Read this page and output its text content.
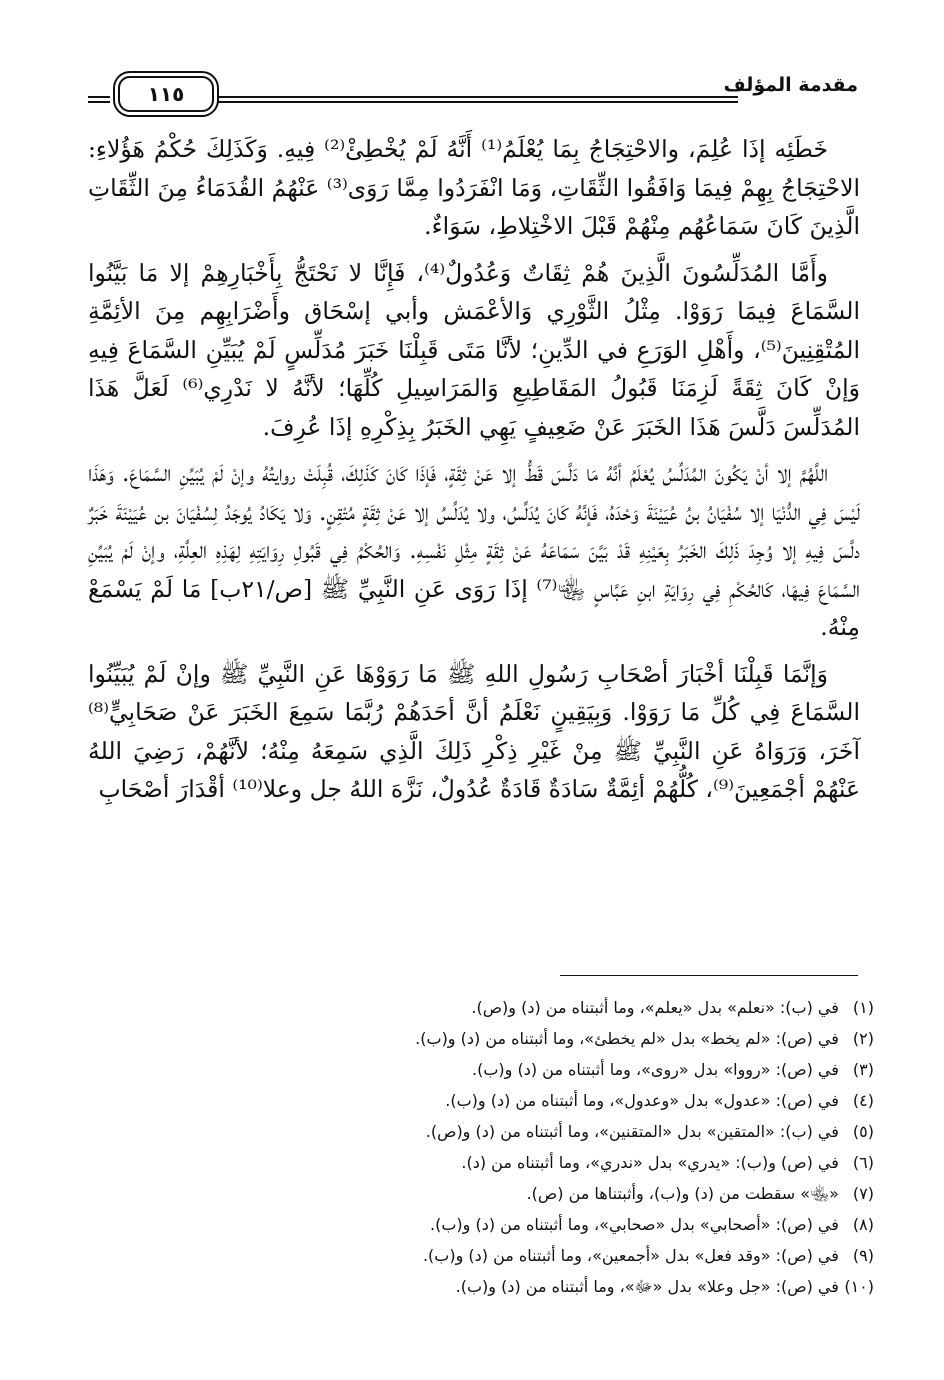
١١٥	مقدمة المؤلف

خَطَئِه إذَا عُلِمَ، والاحْتِجَاجُ بِمَا يُعْلَمُ⁽¹⁾ أَنَّهُ لَمْ يُخْطِئْ⁽²⁾ فِيهِ. وَكَذَلِكَ حُكْمُ هَؤُلاءِ: الاحْتِجَاجُ بِهِمْ فِيمَا وَافَقُوا الثِّقَاتِ، وَمَا انْفَرَدُوا مِمَّا رَوَى⁽³⁾ عَنْهُمُ القُدَمَاءُ مِنَ الثِّقَاتِ الَّذِينَ كَانَ سَمَاعُهُم مِنْهُمْ قَبْلَ الاخْتِلاطِ، سَوَاءٌ.

وأَمَّا المُدَلِّسُونَ الَّذِينَ هُمْ ثِقَاتٌ وَعُدُولٌ⁽⁴⁾، فَإِنَّا لا نَحْتَجُّ بِأَخْبَارِهِمْ إلا مَا بَيَّنُوا السَّمَاعَ فِيمَا رَوَوْا. مِثْلُ الثَّوْرِي وَالأعْمَش وأبي إسْحَاق وأَضْرَابِهِم مِنَ الأئِمَّةِ المُتْقِنِينَ⁽⁵⁾، وأَهْلِ الوَرَعِ في الدِّينِ؛ لأنَّا مَتَى قَبِلْنَا خَبَرَ مُدَلِّسٍ لَمْ يُبَيِّنِ السَّمَاعَ فِيهِ وَإنْ كَانَ ثِقَةً لَزِمَنَا قَبُولُ المَقَاطِيعِ وَالمَرَاسِيلِ كُلِّهَا؛ لأنَّهُ لا نَدْرِي⁽⁶⁾ لَعَلَّ هَذَا المُدَلِّسَ دَلَّسَ هَذَا الخَبَرَ عَنْ ضَعِيفٍ يَهِي الخَبَرُ بِذِكْرِهِ إذَا عُرِفَ.

اللَّهُمَّ إلا أنْ يَكُونَ المُدَلِّسُ يُعْلَمُ أنَّهُ مَا دَلَّسَ قَطُّ إلا عَنْ ثِقَةٍ، فَإذَا كَانَ كَذَلِكَ، قُبِلَتْ روايتُهُ وإنْ لَمْ يُبَيِّنِ السَّمَاعَ. وَهَذَا لَيْسَ فِي الدُّنْيَا إلا سُفْيَانُ بنُ عُيَيْنَةَ وَحْدَهُ، فَإنَّهُ كَانَ يُدَلِّسُ، ولا يُدَلِّسُ إلا عَنْ ثِقَةٍ مُتْقِنٍ. وَلا يَكَادُ يُوجَدُ لِسُفْيَانَ بن عُيَيْنَةَ خَبَرٌ دلَّسَ فِيهِ إلا وُجِدَ ذَلِكَ الخَبَرُ بِعَيْنِهِ قَدْ بَيَّنَ سَمَاعَهُ عَنْ ثِقَةٍ مِثْلِ نَفْسِهِ. وَالحُكْمُ فِي قَبُولِ رِوَايَتِهِ لِهَذِهِ العِلَّةِ، وإنْ لَمْ يُبَيِّنِ السَّمَاعَ فِيهَا، كَالحُكْمِ فِي رِوَايَةِ ابنِ عَبَّاسٍ ﵄⁽⁷⁾ إذَا رَوَى عَنِ النَّبِيِّ ﷺ [ص/٢١ب] مَا لَمْ يَسْمَعْ مِنْهُ.

وَإنَّمَا قَبِلْنَا أخْبَارَ أصْحَابِ رَسُولِ اللهِ ﷺ مَا رَوَوْهَا عَنِ النَّبِيِّ ﷺ وإنْ لَمْ يُبَيِّنُوا السَّمَاعَ فِي كُلِّ مَا رَوَوْا. وَبِيَقِينٍ نَعْلَمُ أنَّ أحَدَهُمْ رُبَّمَا سَمِعَ الخَبَرَ عَنْ صَحَابِيٍّ⁽⁸⁾ آخَرَ، وَرَوَاهُ عَنِ النَّبِيِّ ﷺ مِنْ غَيْرِ ذِكْرِ ذَلِكَ الَّذِي سَمِعَهُ مِنْهُ؛ لأنَّهُمْ، رَضِيَ اللهُ عَنْهُمْ أجْمَعِينَ⁽⁹⁾، كُلُّهُمْ أئِمَّةٌ سَادَةٌ قَادَةٌ عُدُولٌ، نَزَّهَ اللهُ جل وعلا⁽¹⁰⁾ أقْدَارَ أصْحَابِ

(١) في (ب): «نعلم» بدل «يعلم»، وما أثبتناه من (د) و(ص).
(٢) في (ص): «لم يخط» بدل «لم يخطئ»، وما أثبتناه من (د) و(ب).
(٣) في (ص): «رووا» بدل «روى»، وما أثبتناه من (د) و(ب).
(٤) في (ص): «عدول» بدل «وعدول»، وما أثبتناه من (د) و(ب).
(٥) في (ب): «المتقين» بدل «المتقنين»، وما أثبتناه من (د) و(ص).
(٦) في (ص) و(ب): «يدري» بدل «ندري»، وما أثبتناه من (د).
(٧) «﵄» سقطت من (د) و(ب)، وأثبتناها من (ص).
(٨) في (ص): «أصحابي» بدل «صحابي»، وما أثبتناه من (د) و(ب).
(٩) في (ص): «وقد فعل» بدل «أجمعين»، وما أثبتناه من (د) و(ب).
(١٠) في (ص): «جل وعلا» بدل «ﷻ»، وما أثبتناه من (د) و(ب).
